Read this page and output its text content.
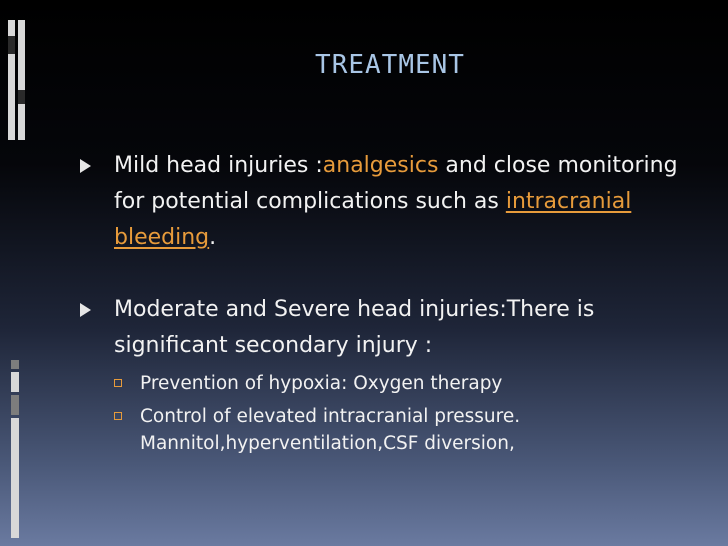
TREATMENT
Mild head injuries :analgesics and close monitoring for potential complications such as intracranial bleeding.
Moderate and Severe head injuries:There is significant secondary injury :
Prevention of hypoxia: Oxygen therapy
Control of elevated intracranial pressure. Mannitol,hyperventilation,CSF diversion,
